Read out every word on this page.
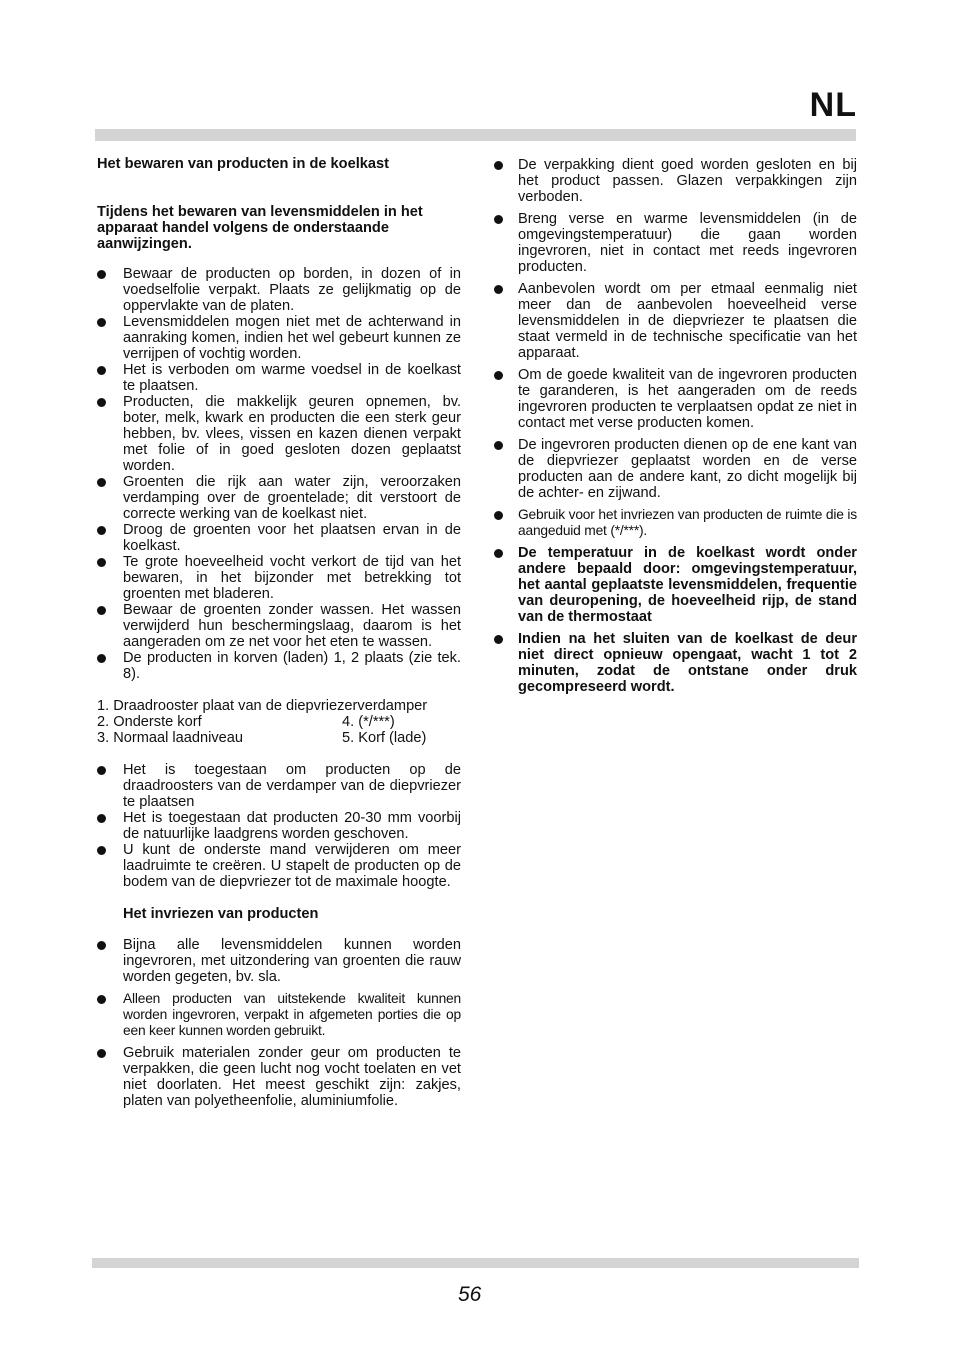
NL

Het bewaren van producten in de koelkast

Tijdens het bewaren van levensmiddelen in het apparaat handel volgens de onderstaande aanwijzingen.

Bewaar de producten op borden, in dozen of in voedselfolie verpakt. Plaats ze gelijkmatig op de oppervlakte van de platen.
Levensmiddelen mogen niet met de achterwand in aanraking komen, indien het wel gebeurt kunnen ze verrijpen of vochtig worden.
Het is verboden om warme voedsel in de koelkast te plaatsen.
Producten, die makkelijk geuren opnemen, bv. boter, melk, kwark en producten die een sterk geur hebben, bv. vlees, vissen en kazen dienen verpakt met folie of in goed gesloten dozen geplaatst worden.
Groenten die rijk aan water zijn, veroorzaken verdamping over de groentelade; dit verstoort de correcte werking van de koelkast niet.
Droog de groenten voor het plaatsen ervan in de koelkast.
Te grote hoeveelheid vocht verkort de tijd van het bewaren, in het bijzonder met betrekking tot groenten met bladeren.
Bewaar de groenten zonder wassen. Het wassen verwijderd hun beschermingslaag, daarom is het aangeraden om ze net voor het eten te wassen.
De producten in korven (laden) 1, 2 plaats (zie tek. 8).

1. Draadrooster plaat van de diepvriezerverdamper

2. Onderste korf	4. (*/***)
3. Normaal laadniveau	5. Korf (lade)
Het is toegestaan om producten op de draadroosters van de verdamper van de diepvriezer te plaatsen
Het is toegestaan dat producten 20-30 mm voorbij de natuurlijke laadgrens worden geschoven.
U kunt de onderste mand verwijderen om meer laadruimte te creëren. U stapelt de producten op de bodem van de diepvriezer tot de maximale hoogte.

Het invriezen van producten

Bijna alle levensmiddelen kunnen worden ingevroren, met uitzondering van groenten die rauw worden gegeten, bv. sla.
Alleen producten van uitstekende kwaliteit kunnen worden ingevroren, verpakt in afgemeten porties die op een keer kunnen worden gebruikt.
Gebruik materialen zonder geur om producten te verpakken, die geen lucht nog vocht toelaten en vet niet doorlaten. Het meest geschikt zijn: zakjes, platen van polyetheenfolie, aluminiumfolie.
De verpakking dient goed worden gesloten en bij het product passen. Glazen verpakkingen zijn verboden.
Breng verse en warme levensmiddelen (in de omgevingstemperatuur) die gaan worden ingevroren, niet in contact met reeds ingevroren producten.
Aanbevolen wordt om per etmaal eenmalig niet meer dan de aanbevolen hoeveelheid verse levensmiddelen in de diepvriezer te plaatsen die staat vermeld in de technische specificatie van het apparaat.
Om de goede kwaliteit van de ingevroren producten te garanderen, is het aangeraden om de reeds ingevroren producten te verplaatsen opdat ze niet in contact met verse producten komen.
De ingevroren producten dienen op de ene kant van de diepvriezer geplaatst worden en de verse producten aan de andere kant, zo dicht mogelijk bij de achter- en zijwand.
Gebruik voor het invriezen van producten de ruimte die is aangeduid met (*/***).
De temperatuur in de koelkast wordt onder andere bepaald door: omgevingstemperatuur, het aantal geplaatste levensmiddelen, frequentie van deuropening, de hoeveelheid rijp, de stand van de thermostaat
Indien na het sluiten van de koelkast de deur niet direct opnieuw opengaat, wacht 1 tot 2 minuten, zodat de ontstane onder druk gecompreseerd wordt.
56
